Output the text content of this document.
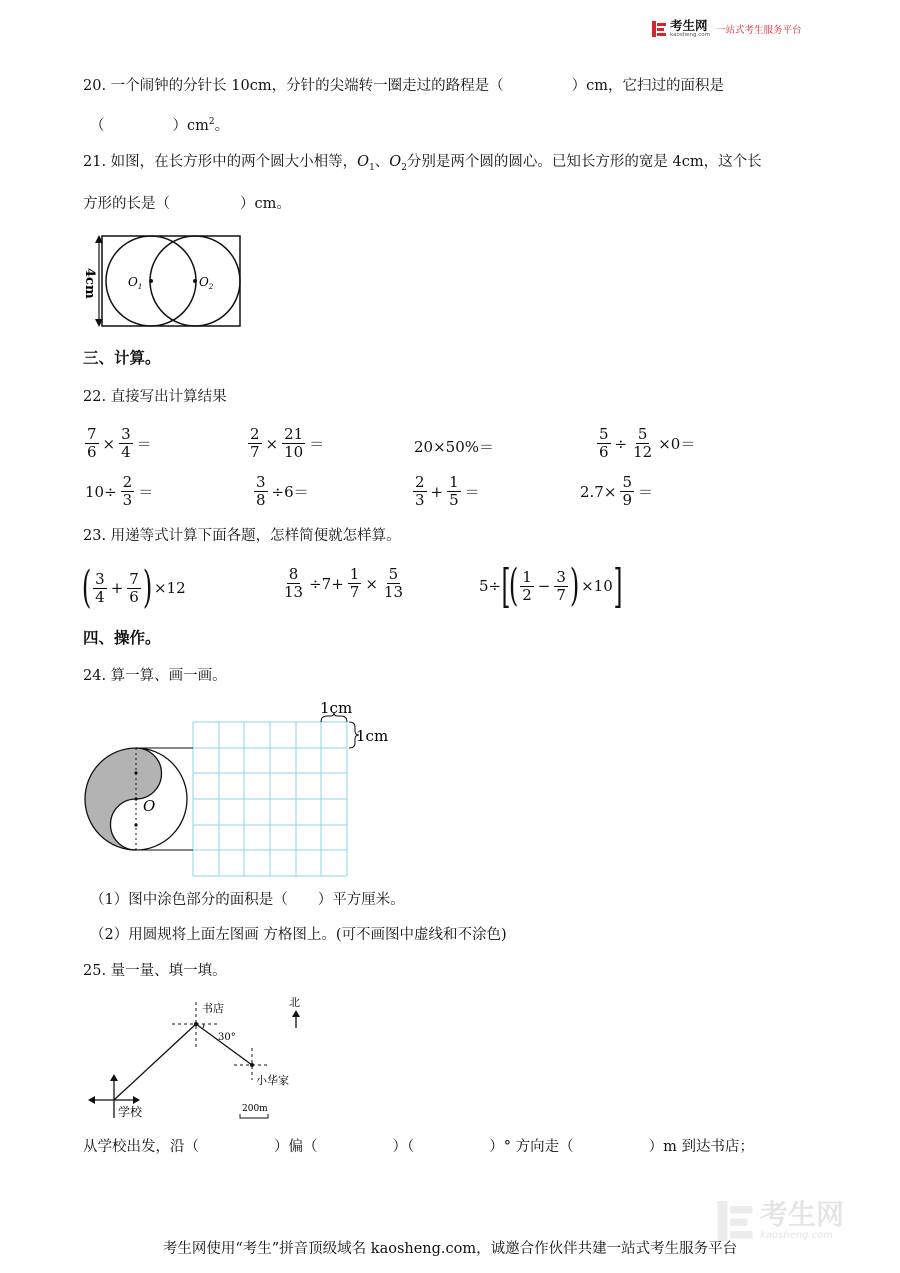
考生网
kaosheng.com 一站式考生服务平台
20. 一个闹钟的分针长 10cm，分针的尖端转一圈走过的路程是（	）cm，它扫过的面积是
（	）$cm^2$。
21. 如图，在长方形中的两个圆大小相等，$O_1$、$O_2$分别是两个圆的圆心。已知长方形的宽是 4cm，这个长
方形的长是（	）cm。
4cm	$O_1$	$O_2$
三、计算。
22. 直接写出计算结果
$\frac{7}{6} \times \frac{3}{4}$ ＝	$\frac{2}{7} \times \frac{21}{10}$ ＝	20×50%＝	$\frac{5}{6} \div \frac{5}{12} \times 0=$
$10\div \frac{2}{3}$ ＝	$\frac{3}{8} \div 6=$	$\frac{2}{3} + \frac{1}{5}$ ＝	$2.7\times \frac{5}{9}$ ＝
23. 用递等式计算下面各题，怎样简便就怎样算。
( $\frac{3}{4} + \frac{7}{6}$ ) ×12	$\frac{8}{13} \div 7+ \frac{1}{7} \times \frac{5}{13}$	5÷ [
( $\frac{1}{2} - \frac{3}{7}$ ) ×10 ]
四、操作。
24. 算一算、画一画。
O
1cm
1cm
（1）图中涂色部分的面积是（ ）平方厘米。
（2）用圆规将上面左图画 方格图上。(可不画图中虚线和不涂色)
25. 量一量、填一填。
学校
书店
30°
小华家
北
200m
从学校出发，沿（	）偏（	）（	）° 方向走（	）m 到达书店；
考生网
kaosheng.com
考生网使用“考生”拼音顶级域名 kaosheng.com，诚邀合作伙伴共建一站式考生服务平台
